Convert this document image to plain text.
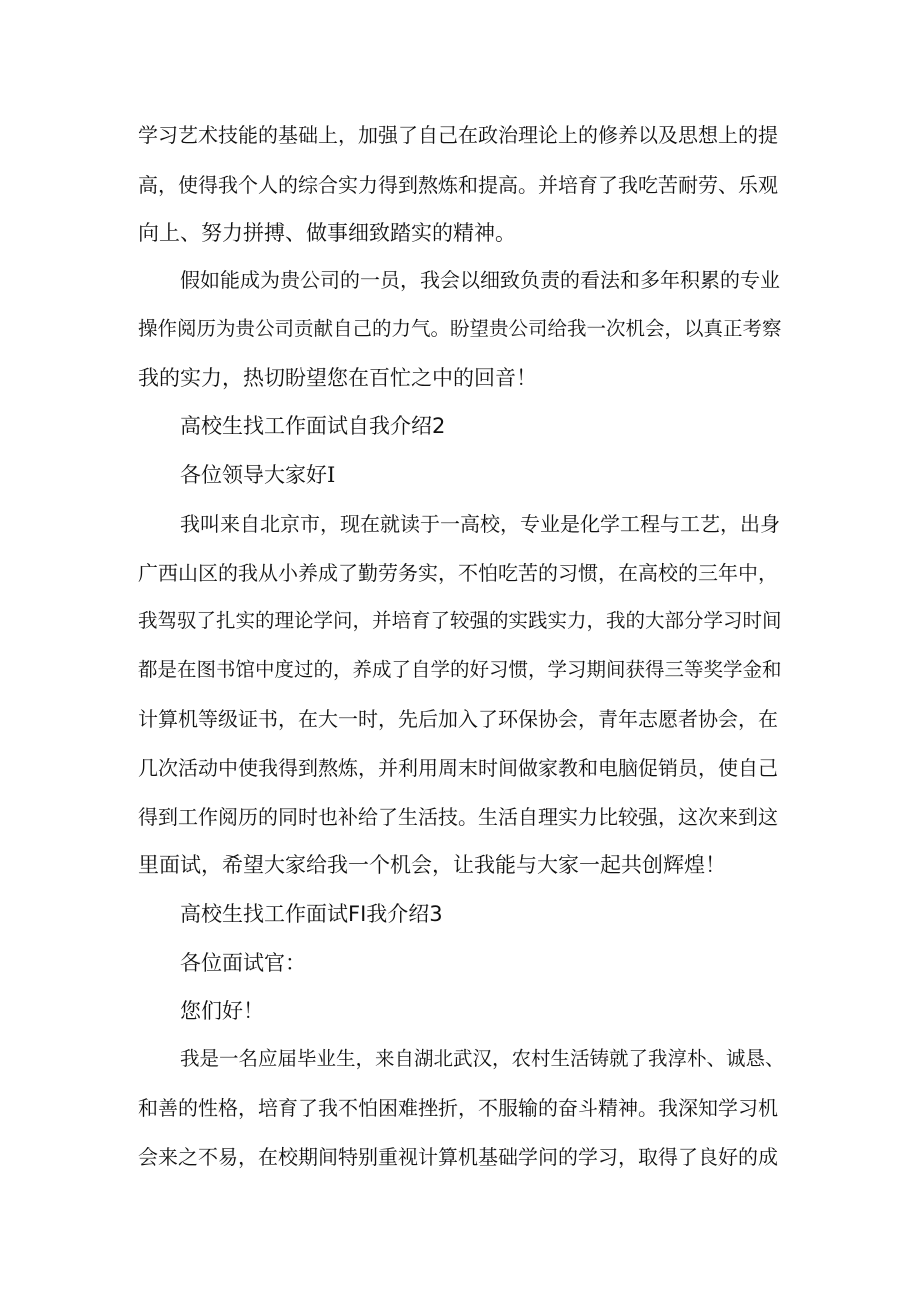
学习艺术技能的基础上，加强了自己在政治理论上的修养以及思想上的提
高，使得我个人的综合实力得到熬炼和提高。并培育了我吃苦耐劳、乐观
向上、努力拼搏、做事细致踏实的精神。
假如能成为贵公司的一员，我会以细致负责的看法和多年积累的专业
操作阅历为贵公司贡献自己的力气。盼望贵公司给我一次机会，以真正考察
我的实力，热切盼望您在百忙之中的回音！
高校生找工作面试自我介绍2
各位领导大家好I
我叫来自北京市，现在就读于一高校，专业是化学工程与工艺，出身
广西山区的我从小养成了勤劳务实，不怕吃苦的习惯，在高校的三年中，
我驾驭了扎实的理论学问，并培育了较强的实践实力，我的大部分学习时间
都是在图书馆中度过的，养成了自学的好习惯，学习期间获得三等奖学金和
计算机等级证书，在大一时，先后加入了环保协会，青年志愿者协会，在
几次活动中使我得到熬炼，并利用周末时间做家教和电脑促销员，使自己
得到工作阅历的同时也补给了生活技。生活自理实力比较强，这次来到这
里面试，希望大家给我一个机会，让我能与大家一起共创辉煌！
高校生找工作面试FI我介绍3
各位面试官：
您们好！
我是一名应届毕业生，来自湖北武汉，农村生活铸就了我淳朴、诚恳、
和善的性格，培育了我不怕困难挫折，不服输的奋斗精神。我深知学习机
会来之不易，在校期间特别重视计算机基础学问的学习，取得了良好的成
